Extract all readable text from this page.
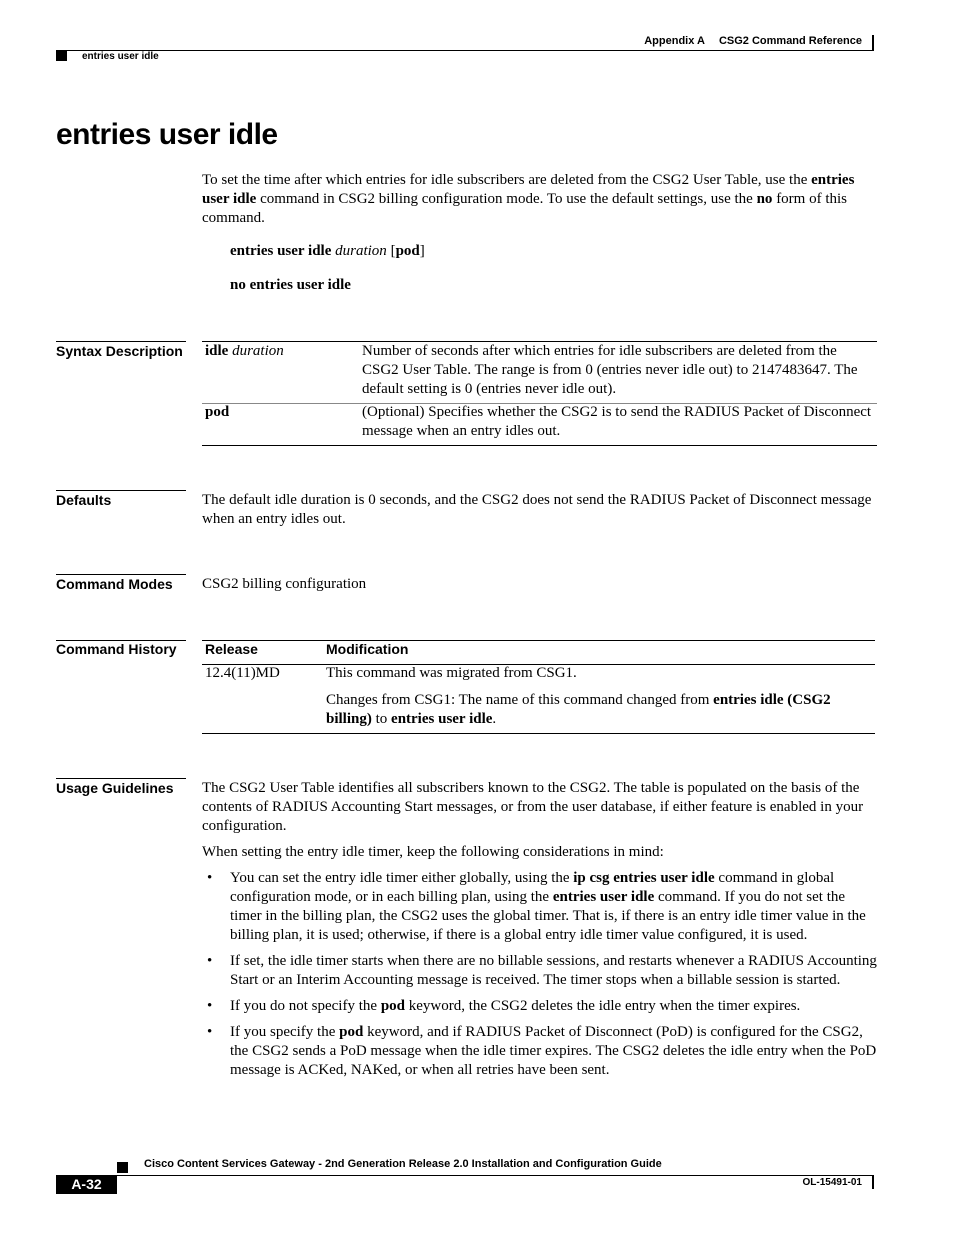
Appendix A CSG2 Command Reference
entries user idle
entries user idle
To set the time after which entries for idle subscribers are deleted from the CSG2 User Table, use the entries user idle command in CSG2 billing configuration mode. To use the default settings, use the no form of this command.
entries user idle duration [pod]
no entries user idle
Syntax Description idle duration	Number of seconds after which entries for idle subscribers are deleted from the CSG2 User Table. The range is from 0 (entries never idle out) to 2147483647. The default setting is 0 (entries never idle out).
pod	(Optional) Specifies whether the CSG2 is to send the RADIUS Packet of Disconnect message when an entry idles out.
Defaults	The default idle duration is 0 seconds, and the CSG2 does not send the RADIUS Packet of Disconnect message when an entry idles out.
Command Modes CSG2 billing configuration
Command History Release	Modification
12.4(11)MD	This command was migrated from CSG1.
Changes from CSG1: The name of this command changed from entries idle (CSG2 billing) to entries user idle.
Usage Guidelines The CSG2 User Table identifies all subscribers known to the CSG2. The table is populated on the basis of the contents of RADIUS Accounting Start messages, or from the user database, if either feature is enabled in your configuration.
When setting the entry idle timer, keep the following considerations in mind:
• You can set the entry idle timer either globally, using the ip csg entries user idle command in global configuration mode, or in each billing plan, using the entries user idle command. If you do not set the timer in the billing plan, the CSG2 uses the global timer. That is, if there is an entry idle timer value in the billing plan, it is used; otherwise, if there is a global entry idle timer value configured, it is used.
• If set, the idle timer starts when there are no billable sessions, and restarts whenever a RADIUS Accounting Start or an Interim Accounting message is received. The timer stops when a billable session is started.
• If you do not specify the pod keyword, the CSG2 deletes the idle entry when the timer expires.
• If you specify the pod keyword, and if RADIUS Packet of Disconnect (PoD) is configured for the CSG2, the CSG2 sends a PoD message when the idle timer expires. The CSG2 deletes the idle entry when the PoD message is ACKed, NAKed, or when all retries have been sent.
Cisco Content Services Gateway - 2nd Generation Release 2.0 Installation and Configuration Guide
A-32	OL-15491-01
